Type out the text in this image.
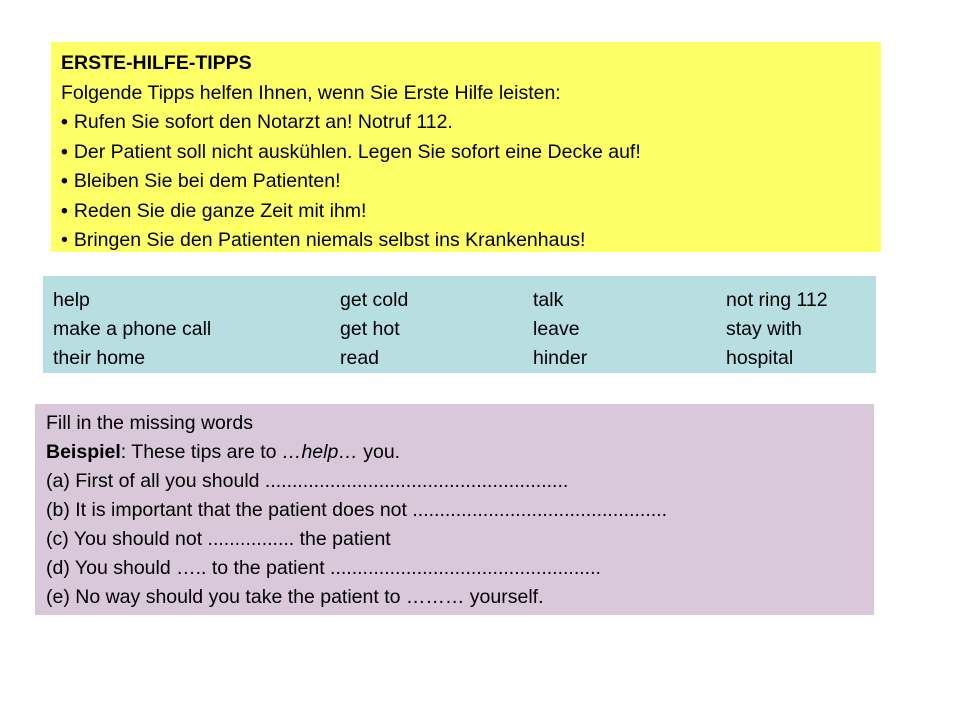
ERSTE-HILFE-TIPPS
Folgende Tipps helfen Ihnen, wenn Sie Erste Hilfe leisten:
• Rufen Sie sofort den Notarzt an! Notruf 112.
• Der Patient soll nicht auskühlen. Legen Sie sofort eine Decke auf!
• Bleiben Sie bei dem Patienten!
• Reden Sie die ganze Zeit mit ihm!
• Bringen Sie den Patienten niemals selbst ins Krankenhaus!
help	get cold	talk	not ring 112
make a phone call	get hot	leave	stay with
their home	read	hinder	hospital
Fill in the missing words
Beispiel: These tips are to …help… you.
(a) First of all you should ........................................................
(b) It is important that the patient does not ...............................................
(c) You should not ................ the patient
(d) You should ….. to the patient ..................................................
(e) No way should you take the patient to ……… yourself.
